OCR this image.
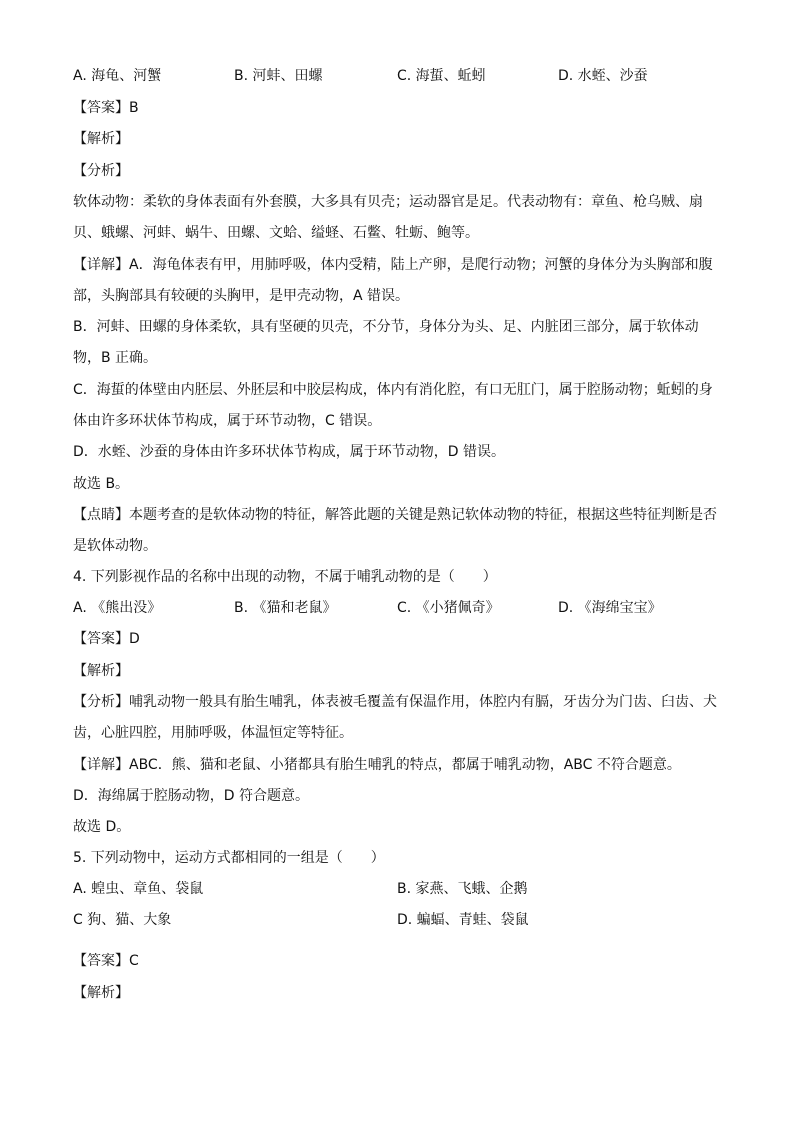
A. 海龟、河蟹	B. 河蚌、田螺	C. 海蜇、蚯蚓	D. 水蛭、沙蚕
【答案】B
【解析】
【分析】
软体动物：柔软的身体表面有外套膜，大多具有贝壳；运动器官是足。代表动物有：章鱼、枪乌贼、扇
贝、蛾螺、河蚌、蜗牛、田螺、文蛤、缢蛏、石鳖、牡蛎、鲍等。
【详解】A．海龟体表有甲，用肺呼吸，体内受精，陆上产卵，是爬行动物；河蟹的身体分为头胸部和腹
部，头胸部具有较硬的头胸甲，是甲壳动物，A 错误。
B．河蚌、田螺的身体柔软，具有坚硬的贝壳，不分节，身体分为头、足、内脏团三部分，属于软体动
物，B 正确。
C．海蜇的体壁由内胚层、外胚层和中胶层构成，体内有消化腔，有口无肛门，属于腔肠动物；蚯蚓的身
体由许多环状体节构成，属于环节动物，C 错误。
D．水蛭、沙蚕的身体由许多环状体节构成，属于环节动物，D 错误。
故选 B。
【点睛】本题考查的是软体动物的特征，解答此题的关键是熟记软体动物的特征，根据这些特征判断是否
是软体动物。
4. 下列影视作品的名称中出现的动物，不属于哺乳动物的是（　　）
A. 《熊出没》	B. 《猫和老鼠》	C. 《小猪佩奇》	D. 《海绵宝宝》
【答案】D
【解析】
【分析】哺乳动物一般具有胎生哺乳，体表被毛覆盖有保温作用，体腔内有膈，牙齿分为门齿、臼齿、犬
齿，心脏四腔，用肺呼吸，体温恒定等特征。
【详解】ABC．熊、猫和老鼠、小猪都具有胎生哺乳的特点，都属于哺乳动物，ABC 不符合题意。
D．海绵属于腔肠动物，D 符合题意。
故选 D。
5. 下列动物中，运动方式都相同的一组是（　　）
A. 蝗虫、章鱼、袋鼠	B. 家燕、飞蛾、企鹅
C 狗、猫、大象	D. 蝙蝠、青蛙、袋鼠
【答案】C
【解析】
